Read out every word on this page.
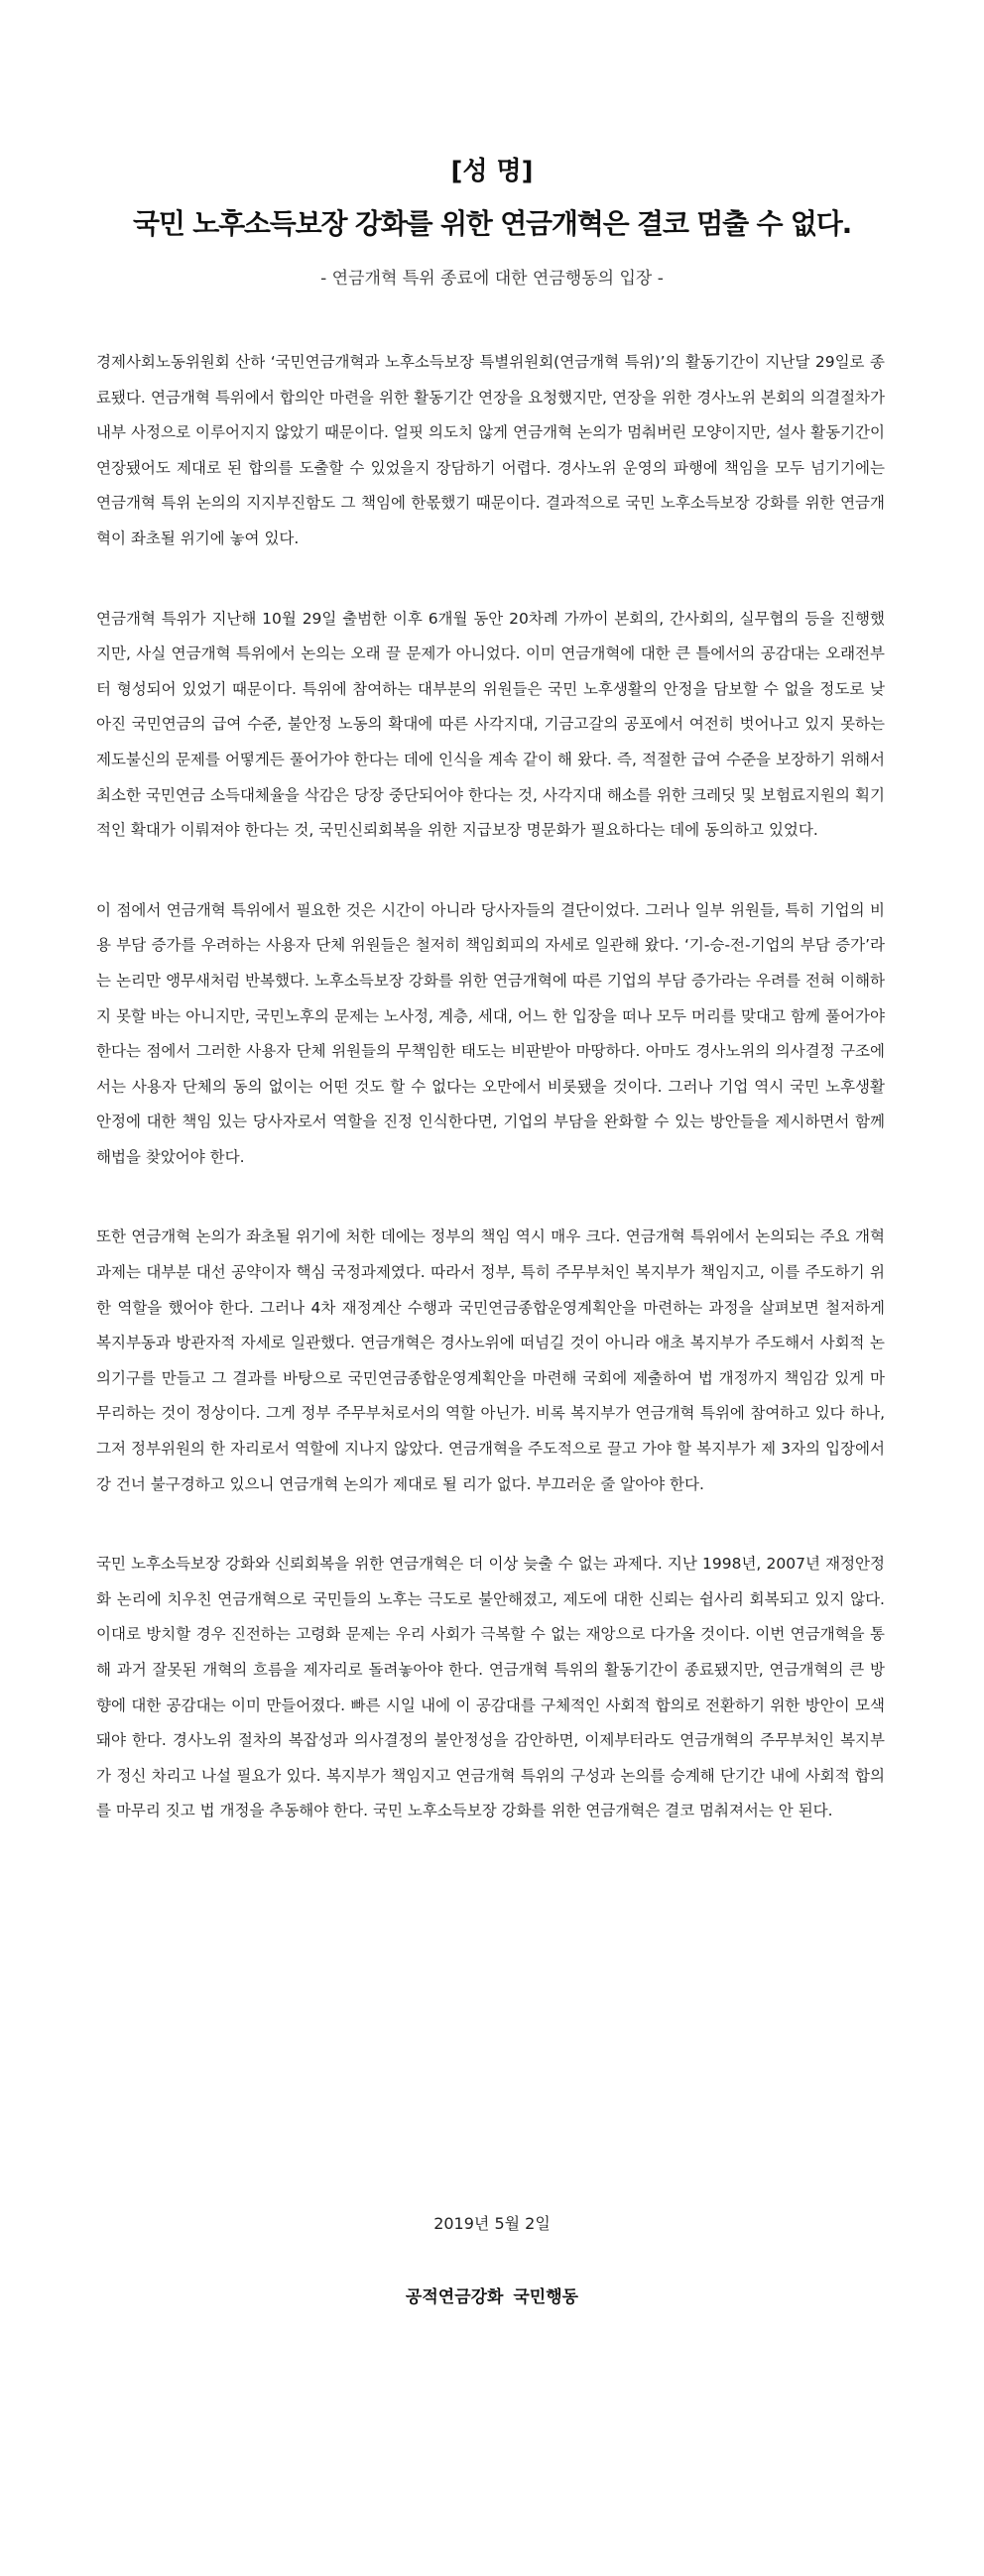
[성 명]
국민 노후소득보장 강화를 위한 연금개혁은 결코 멈출 수 없다.

- 연금개혁 특위 종료에 대한 연금행동의 입장 -

경제사회노동위원회 산하 ‘국민연금개혁과 노후소득보장 특별위원회(연금개혁 특위)’의 활동기간이 지난달 29일로 종료됐다. 연금개혁 특위에서 합의안 마련을 위한 활동기간 연장을 요청했지만, 연장을 위한 경사노위 본회의 의결절차가 내부 사정으로 이루어지지 않았기 때문이다. 얼핏 의도치 않게 연금개혁 논의가 멈춰버린 모양이지만, 설사 활동기간이 연장됐어도 제대로 된 합의를 도출할 수 있었을지 장담하기 어렵다. 경사노위 운영의 파행에 책임을 모두 넘기기에는 연금개혁 특위 논의의 지지부진함도 그 책임에 한몫했기 때문이다. 결과적으로 국민 노후소득보장 강화를 위한 연금개혁이 좌초될 위기에 놓여 있다.

연금개혁 특위가 지난해 10월 29일 출범한 이후 6개월 동안 20차례 가까이 본회의, 간사회의, 실무협의 등을 진행했지만, 사실 연금개혁 특위에서 논의는 오래 끌 문제가 아니었다. 이미 연금개혁에 대한 큰 틀에서의 공감대는 오래전부터 형성되어 있었기 때문이다. 특위에 참여하는 대부분의 위원들은 국민 노후생활의 안정을 담보할 수 없을 정도로 낮아진 국민연금의 급여 수준, 불안정 노동의 확대에 따른 사각지대, 기금고갈의 공포에서 여전히 벗어나고 있지 못하는 제도불신의 문제를 어떻게든 풀어가야 한다는 데에 인식을 계속 같이 해 왔다. 즉, 적절한 급여 수준을 보장하기 위해서 최소한 국민연금 소득대체율을 삭감은 당장 중단되어야 한다는 것, 사각지대 해소를 위한 크레딧 및 보험료지원의 획기적인 확대가 이뤄져야 한다는 것, 국민신뢰회복을 위한 지급보장 명문화가 필요하다는 데에 동의하고 있었다.

이 점에서 연금개혁 특위에서 필요한 것은 시간이 아니라 당사자들의 결단이었다. 그러나 일부 위원들, 특히 기업의 비용 부담 증가를 우려하는 사용자 단체 위원들은 철저히 책임회피의 자세로 일관해 왔다. ‘기-승-전-기업의 부담 증가’라는 논리만 앵무새처럼 반복했다. 노후소득보장 강화를 위한 연금개혁에 따른 기업의 부담 증가라는 우려를 전혀 이해하지 못할 바는 아니지만, 국민노후의 문제는 노사정, 계층, 세대, 어느 한 입장을 떠나 모두 머리를 맞대고 함께 풀어가야 한다는 점에서 그러한 사용자 단체 위원들의 무책임한 태도는 비판받아 마땅하다. 아마도 경사노위의 의사결정 구조에서는 사용자 단체의 동의 없이는 어떤 것도 할 수 없다는 오만에서 비롯됐을 것이다. 그러나 기업 역시 국민 노후생활 안정에 대한 책임 있는 당사자로서 역할을 진정 인식한다면, 기업의 부담을 완화할 수 있는 방안들을 제시하면서 함께 해법을 찾았어야 한다.

또한 연금개혁 논의가 좌초될 위기에 처한 데에는 정부의 책임 역시 매우 크다. 연금개혁 특위에서 논의되는 주요 개혁과제는 대부분 대선 공약이자 핵심 국정과제였다. 따라서 정부, 특히 주무부처인 복지부가 책임지고, 이를 주도하기 위한 역할을 했어야 한다. 그러나 4차 재정계산 수행과 국민연금종합운영계획안을 마련하는 과정을 살펴보면 철저하게 복지부동과 방관자적 자세로 일관했다. 연금개혁은 경사노위에 떠넘길 것이 아니라 애초 복지부가 주도해서 사회적 논의기구를 만들고 그 결과를 바탕으로 국민연금종합운영계획안을 마련해 국회에 제출하여 법 개정까지 책임감 있게 마무리하는 것이 정상이다. 그게 정부 주무부처로서의 역할 아닌가. 비록 복지부가 연금개혁 특위에 참여하고 있다 하나, 그저 정부위원의 한 자리로서 역할에 지나지 않았다. 연금개혁을 주도적으로 끌고 가야 할 복지부가 제 3자의 입장에서 강 건너 불구경하고 있으니 연금개혁 논의가 제대로 될 리가 없다. 부끄러운 줄 알아야 한다.

국민 노후소득보장 강화와 신뢰회복을 위한 연금개혁은 더 이상 늦출 수 없는 과제다. 지난 1998년, 2007년 재정안정화 논리에 치우친 연금개혁으로 국민들의 노후는 극도로 불안해졌고, 제도에 대한 신뢰는 쉽사리 회복되고 있지 않다. 이대로 방치할 경우 진전하는 고령화 문제는 우리 사회가 극복할 수 없는 재앙으로 다가올 것이다. 이번 연금개혁을 통해 과거 잘못된 개혁의 흐름을 제자리로 돌려놓아야 한다. 연금개혁 특위의 활동기간이 종료됐지만, 연금개혁의 큰 방향에 대한 공감대는 이미 만들어졌다. 빠른 시일 내에 이 공감대를 구체적인 사회적 합의로 전환하기 위한 방안이 모색돼야 한다. 경사노위 절차의 복잡성과 의사결정의 불안정성을 감안하면, 이제부터라도 연금개혁의 주무부처인 복지부가 정신 차리고 나설 필요가 있다. 복지부가 책임지고 연금개혁 특위의 구성과 논의를 승계해 단기간 내에 사회적 합의를 마무리 짓고 법 개정을 추동해야 한다. 국민 노후소득보장 강화를 위한 연금개혁은 결코 멈춰져서는 안 된다.

2019년 5월 2일

공적연금강화 국민행동
